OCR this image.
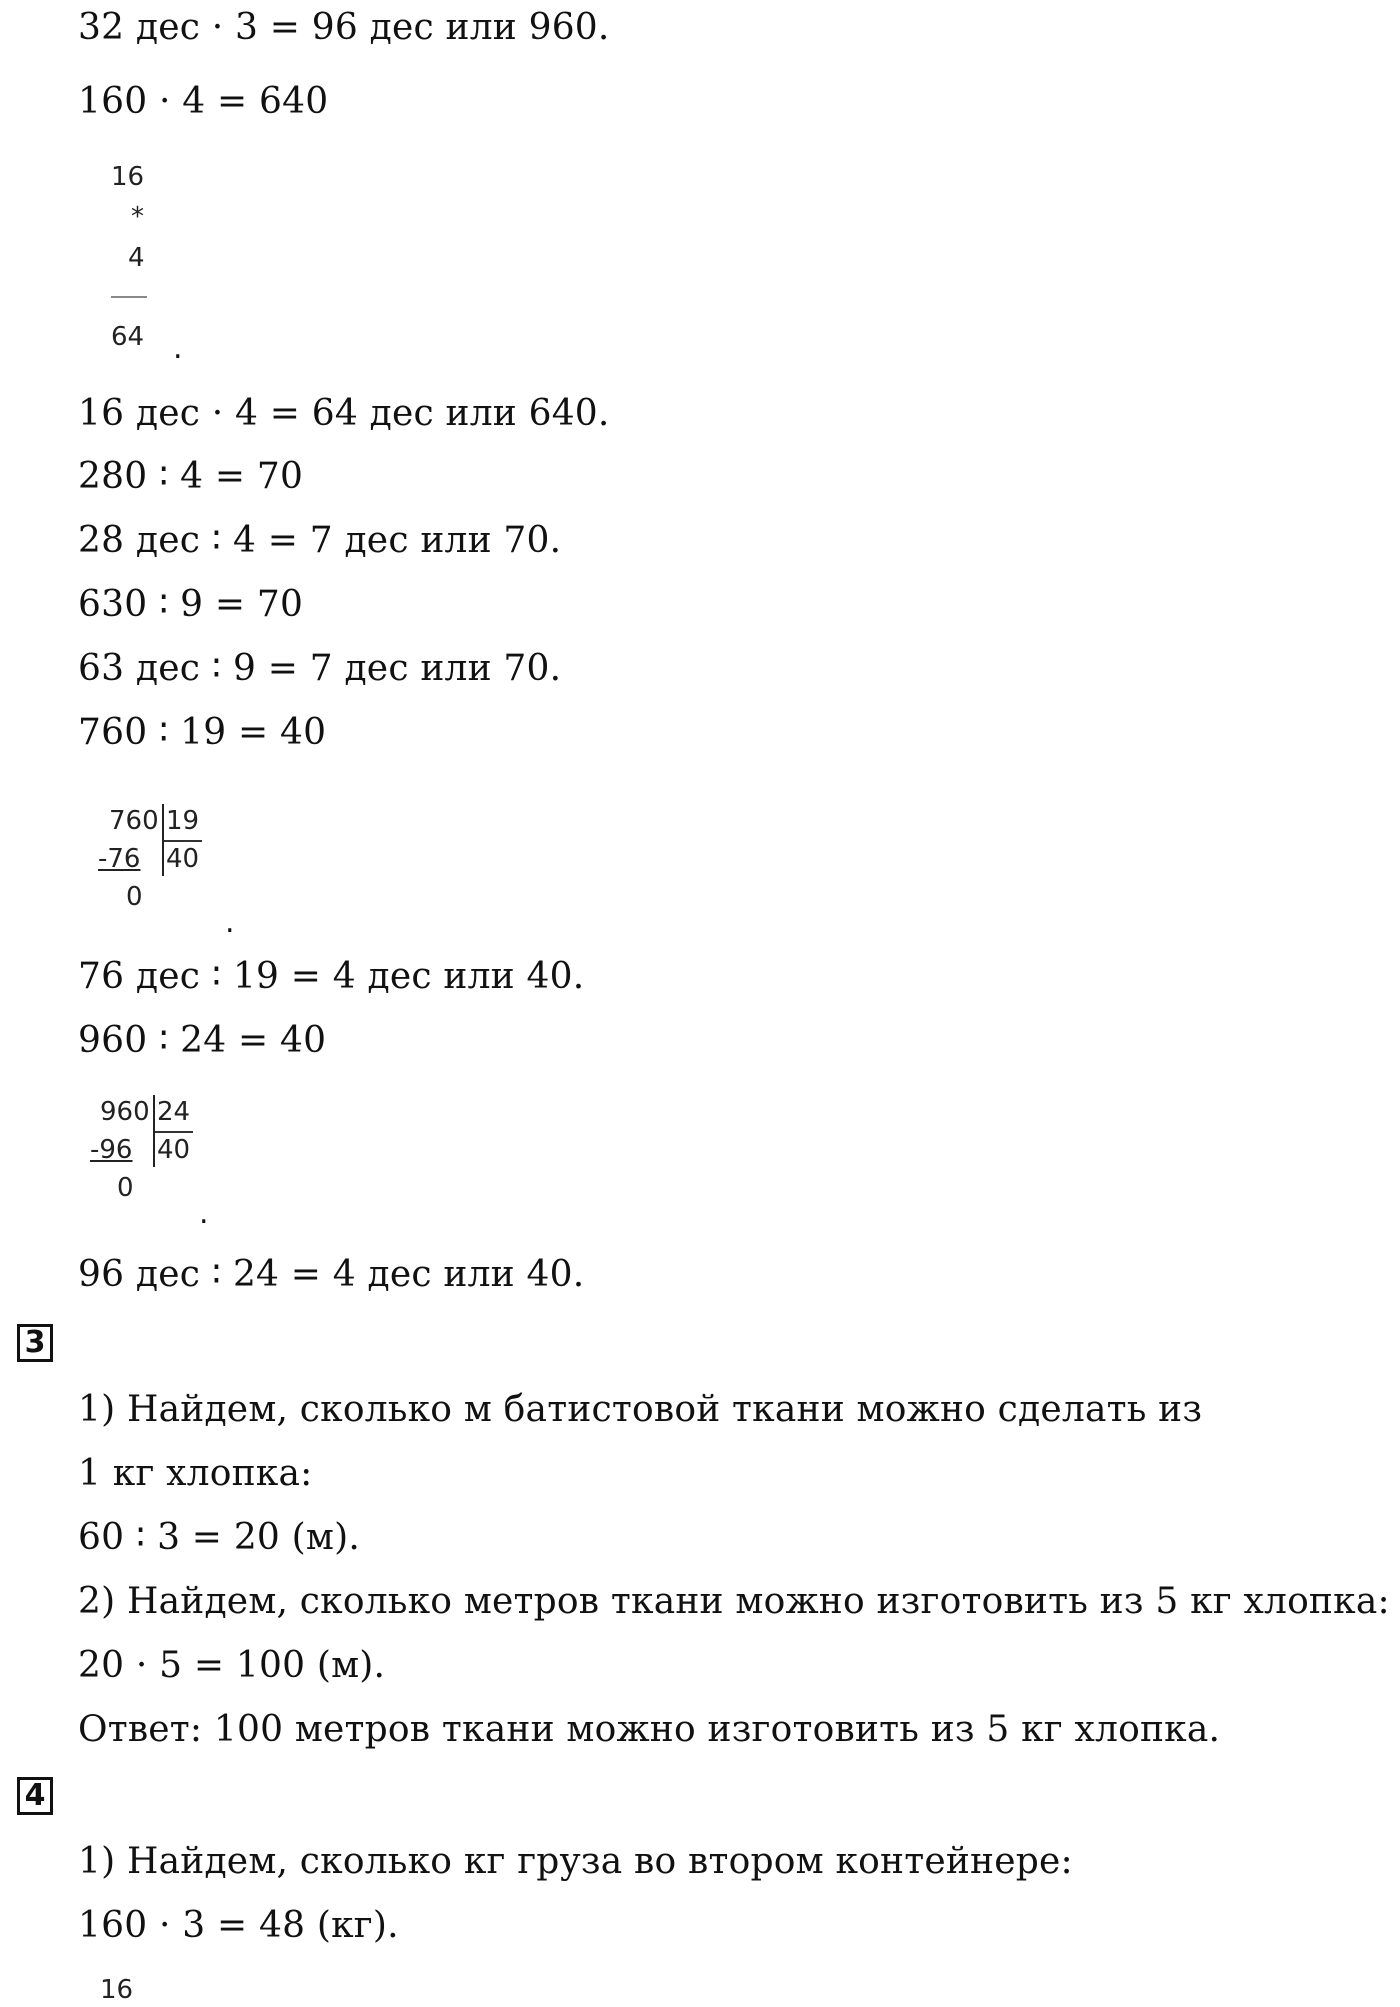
32 дес · 3 = 96 дес или 960.
160 · 4 = 640
16
*
4
64 .
16 дес · 4 = 64 дес или 640.
280 ∶ 4 = 70
28 дес ∶ 4 = 7 дес или 70.
630 ∶ 9 = 70
63 дес ∶ 9 = 7 дес или 70.
760 ∶ 19 = 40
760 19
-76 40
0
.
76 дес ∶ 19 = 4 дес или 40.
960 ∶ 24 = 40
960 24
-96 40
0
.
96 дес ∶ 24 = 4 дес или 40.
3
1) Найдем, сколько м батистовой ткани можно сделать из
1 кг хлопка:
60 ∶ 3 = 20 (м).
2) Найдем, сколько метров ткани можно изготовить из 5 кг хлопка:
20 · 5 = 100 (м).
Ответ: 100 метров ткани можно изготовить из 5 кг хлопка.
4
1) Найдем, сколько кг груза во втором контейнере:
160 · 3 = 48 (кг).
16
